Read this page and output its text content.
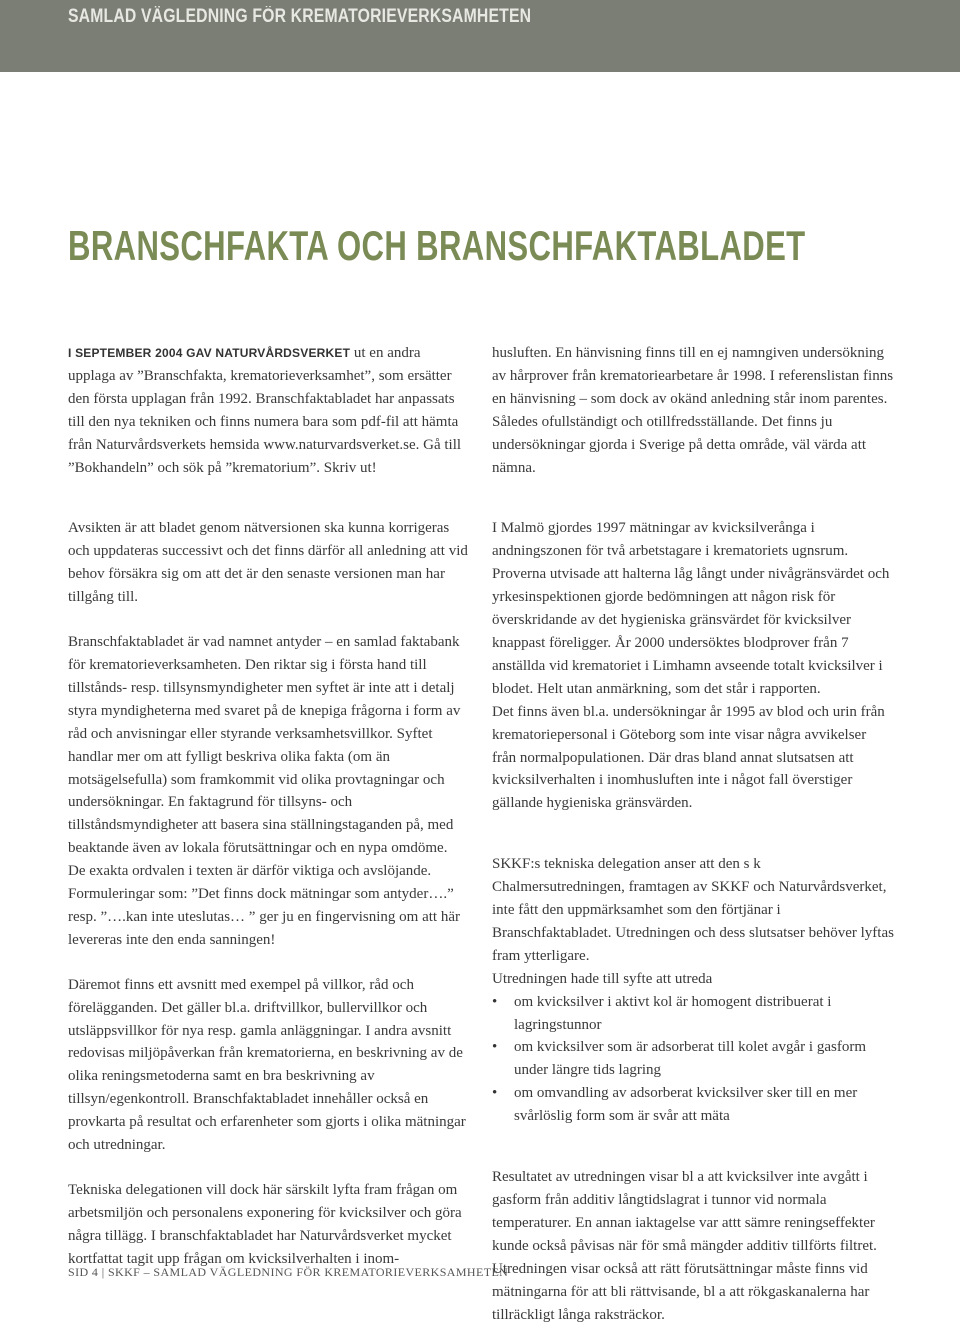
SAMLAD VÄGLEDNING FÖR KREMATORIEVERKSAMHETEN
BRANSCHFAKTA OCH BRANSCHFAKTABLADET

I SEPTEMBER 2004 GAV NATURVÅRDSVERKET ut en andra upplaga av ”Branschfakta, krematorieverksamhet”, som ersätter den första upplagan från 1992. Branschfaktabladet har anpassats till den nya tekniken och finns numera bara som pdf-fil att hämta från Naturvårdsverkets hemsida www.naturvardsverket.se. Gå till ”Bokhandeln” och sök på ”krematorium”. Skriv ut!

Avsikten är att bladet genom nätversionen ska kunna korrigeras och uppdateras successivt och det finns därför all anledning att vid behov försäkra sig om att det är den senaste versionen man har tillgång till.

Branschfaktabladet är vad namnet antyder – en samlad faktabank för krematorieverksamheten. Den riktar sig i första hand till tillstånds- resp. tillsynsmyndigheter men syftet är inte att i detalj styra myndigheterna med svaret på de knepiga frågorna i form av råd och anvisningar eller styrande verksamhetsvillkor. Syftet handlar mer om att fylligt beskriva olika fakta (om än motsägelsefulla) som framkommit vid olika provtagningar och undersökningar. En faktagrund för tillsyns- och tillståndsmyndigheter att basera sina ställningstaganden på, med beaktande även av lokala förutsättningar och en nypa omdöme. De exakta ordvalen i texten är därför viktiga och avslöjande. Formuleringar som: ”Det finns dock mätningar som antyder….” resp. ”….kan inte uteslutas… ” ger ju en fingervisning om att här levereras inte den enda sanningen!

Däremot finns ett avsnitt med exempel på villkor, råd och förelägganden. Det gäller bl.a. driftvillkor, bullervillkor och utsläppsvillkor för nya resp. gamla anläggningar. I andra avsnitt redovisas miljöpåverkan från krematorierna, en beskrivning av de olika reningsmetoderna samt en bra beskrivning av tillsyn/egenkontroll. Branschfaktabladet innehåller också en provkarta på resultat och erfarenheter som gjorts i olika mätningar och utredningar.

Tekniska delegationen vill dock här särskilt lyfta fram frågan om arbetsmiljön och personalens exponering för kvicksilver och göra några tillägg. I branschfaktabladet har Naturvårdsverket mycket kortfattat tagit upp frågan om kvicksilverhalten i inom-

husluften. En hänvisning finns till en ej namngiven undersökning av hårprover från krematoriearbetare år 1998. I referenslistan finns en hänvisning – som dock av okänd anledning står inom parentes. Således ofullständigt och otillfredsställande. Det finns ju undersökningar gjorda i Sverige på detta område, väl värda att nämna.

I Malmö gjordes 1997 mätningar av kvicksilverånga i andningszonen för två arbetstagare i krematoriets ugnsrum. Proverna utvisade att halterna låg långt under nivågränsvärdet och yrkesinspektionen gjorde bedömningen att någon risk för överskridande av det hygieniska gränsvärdet för kvicksilver knappast föreligger. År 2000 undersöktes blodprover från 7 anställda vid krematoriet i Limhamn avseende totalt kvicksilver i blodet. Helt utan anmärkning, som det står i rapporten.

Det finns även bl.a. undersökningar år 1995 av blod och urin från krematoriepersonal i Göteborg som inte visar några avvikelser från normalpopulationen. Där dras bland annat slutsatsen att kvicksilverhalten i inomhusluften inte i något fall överstiger gällande hygieniska gränsvärden.

SKKF:s tekniska delegation anser att den s k Chalmersutredningen, framtagen av SKKF och Naturvårdsverket, inte fått den uppmärksamhet som den förtjänar i Branschfaktabladet. Utredningen och dess slutsatser behöver lyftas fram ytterligare.

Utredningen hade till syfte att utreda

• om kvicksilver i aktivt kol är homogent distribuerat i lagringstunnor
• om kvicksilver som är adsorberat till kolet avgår i gasform under längre tids lagring
• om omvandling av adsorberat kvicksilver sker till en mer svårlöslig form som är svår att mäta

Resultatet av utredningen visar bl a att kvicksilver inte avgått i gasform från additiv långtidslagrat i tunnor vid normala temperaturer. En annan iaktagelse var attt sämre reningseffekter kunde också påvisas när för små mängder additiv tillförts filtret. Utredningen visar också att rätt förutsättningar måste finns vid mätningarna för att bli rättvisande, bl a att rökgaskanalerna har tillräckligt långa raksträckor.

SID 4 | SKKF – SAMLAD VÄGLEDNING FÖR KREMATORIEVERKSAMHETEN
